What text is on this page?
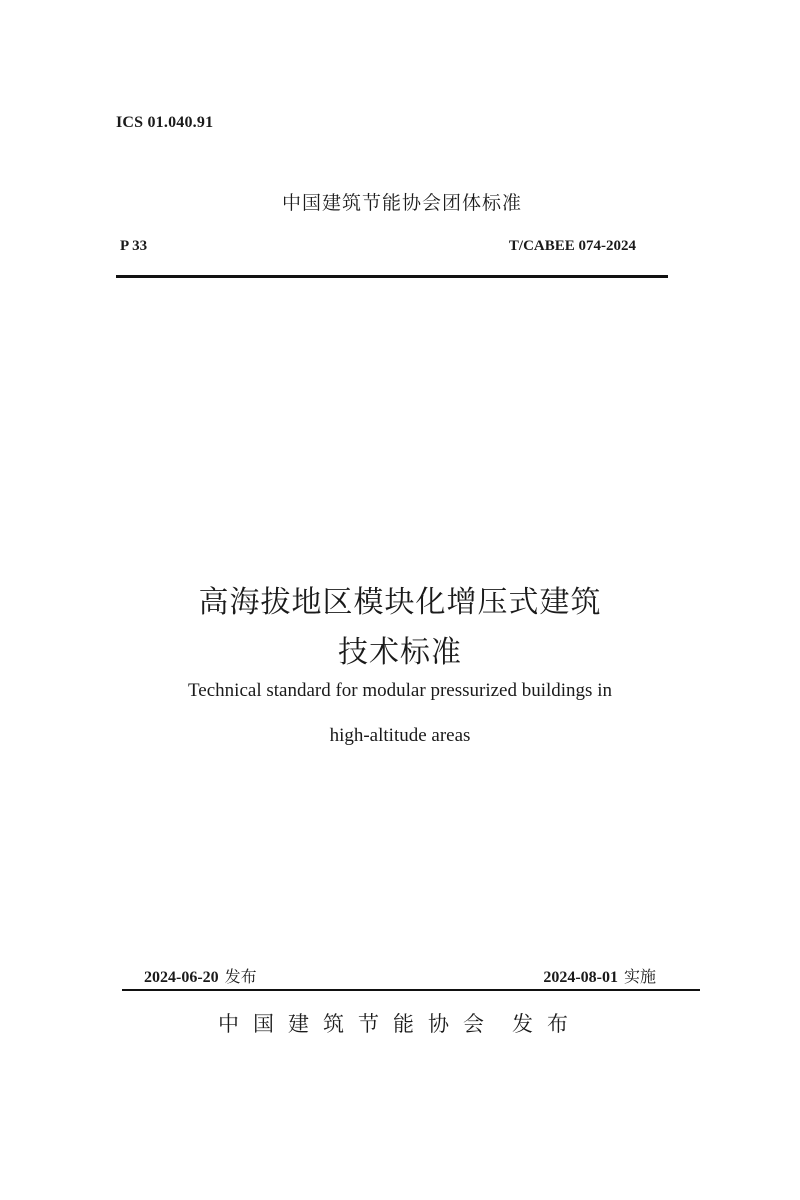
ICS 01.040.91
中国建筑节能协会团体标准
P 33	T/CABEE 074-2024
高海拔地区模块化增压式建筑
技术标准
Technical standard for modular pressurized buildings in
high-altitude areas
2024-06-20 发布	2024-08-01 实施
中国建筑节能协会 发布
